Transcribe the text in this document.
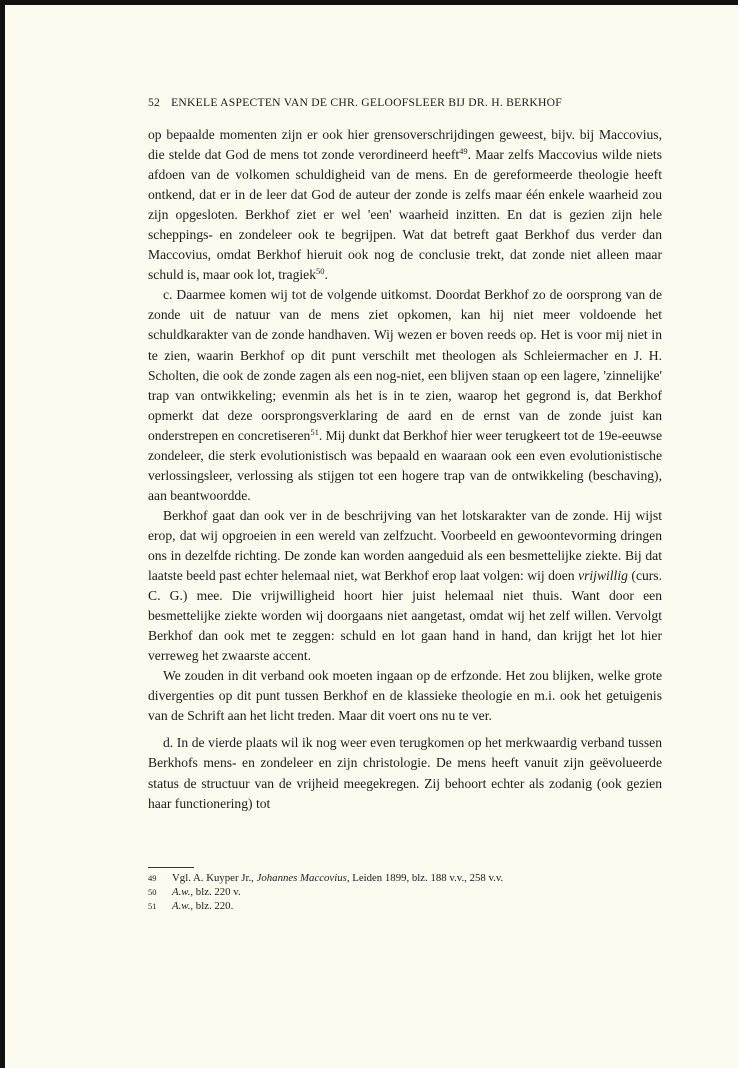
52 ENKELE ASPECTEN VAN DE CHR. GELOOFSLEER BIJ DR. H. BERKHOF

op bepaalde momenten zijn er ook hier grensoverschrijdingen geweest, bijv. bij Maccovius, die stelde dat God de mens tot zonde verordineerd heeft$^{49}$. Maar zelfs Maccovius wilde niets afdoen van de volkomen schuldigheid van de mens. En de gereformeerde theologie heeft ontkend, dat er in de leer dat God de auteur der zonde is zelfs maar één enkele waarheid zou zijn opgesloten. Berkhof ziet er wel 'een' waarheid inzitten. En dat is gezien zijn hele scheppings- en zondeleer ook te begrijpen. Wat dat betreft gaat Berkhof dus verder dan Maccovius, omdat Berkhof hieruit ook nog de conclusie trekt, dat zonde niet alleen maar schuld is, maar ook lot, tragiek$^{50}$.

c. Daarmee komen wij tot de volgende uitkomst. Doordat Berkhof zo de oorsprong van de zonde uit de natuur van de mens ziet opkomen, kan hij niet meer voldoende het schuldkarakter van de zonde handhaven. Wij wezen er boven reeds op. Het is voor mij niet in te zien, waarin Berkhof op dit punt verschilt met theologen als Schleiermacher en J. H. Scholten, die ook de zonde zagen als een nog-niet, een blijven staan op een lagere, 'zinnelijke' trap van ontwikkeling; evenmin als het is in te zien, waarop het gegrond is, dat Berkhof opmerkt dat deze oorsprongsverklaring de aard en de ernst van de zonde juist kan onderstrepen en concretiseren$^{51}$. Mij dunkt dat Berkhof hier weer terugkeert tot de 19e-eeuwse zondeleer, die sterk evolutionistisch was bepaald en waaraan ook een even evolutionistische verlossingsleer, verlossing als stijgen tot een hogere trap van de ontwikkeling (beschaving), aan beantwoordde.

Berkhof gaat dan ook ver in de beschrijving van het lotskarakter van de zonde. Hij wijst erop, dat wij opgroeien in een wereld van zelfzucht. Voorbeeld en gewoontevorming dringen ons in dezelfde richting. De zonde kan worden aangeduid als een besmettelijke ziekte. Bij dat laatste beeld past echter helemaal niet, wat Berkhof erop laat volgen: wij doen vrijwillig (curs. C. G.) mee. Die vrijwilligheid hoort hier juist helemaal niet thuis. Want door een besmettelijke ziekte worden wij doorgaans niet aangetast, omdat wij het zelf willen. Vervolgt Berkhof dan ook met te zeggen: schuld en lot gaan hand in hand, dan krijgt het lot hier verreweg het zwaarste accent.

We zouden in dit verband ook moeten ingaan op de erfzonde. Het zou blijken, welke grote divergenties op dit punt tussen Berkhof en de klassieke theologie en m.i. ook het getuigenis van de Schrift aan het licht treden. Maar dit voert ons nu te ver.

d. In de vierde plaats wil ik nog weer even terugkomen op het merkwaardig verband tussen Berkhofs mens- en zondeleer en zijn christologie. De mens heeft vanuit zijn geëvolueerde status de structuur van de vrijheid meegekregen. Zij behoort echter als zodanig (ook gezien haar functionering) tot

49	Vgl. A. Kuyper Jr., Johannes Maccovius, Leiden 1899, blz. 188 v.v., 258 v.v.
50	A.w., blz. 220 v.
51	A.w., blz. 220.
